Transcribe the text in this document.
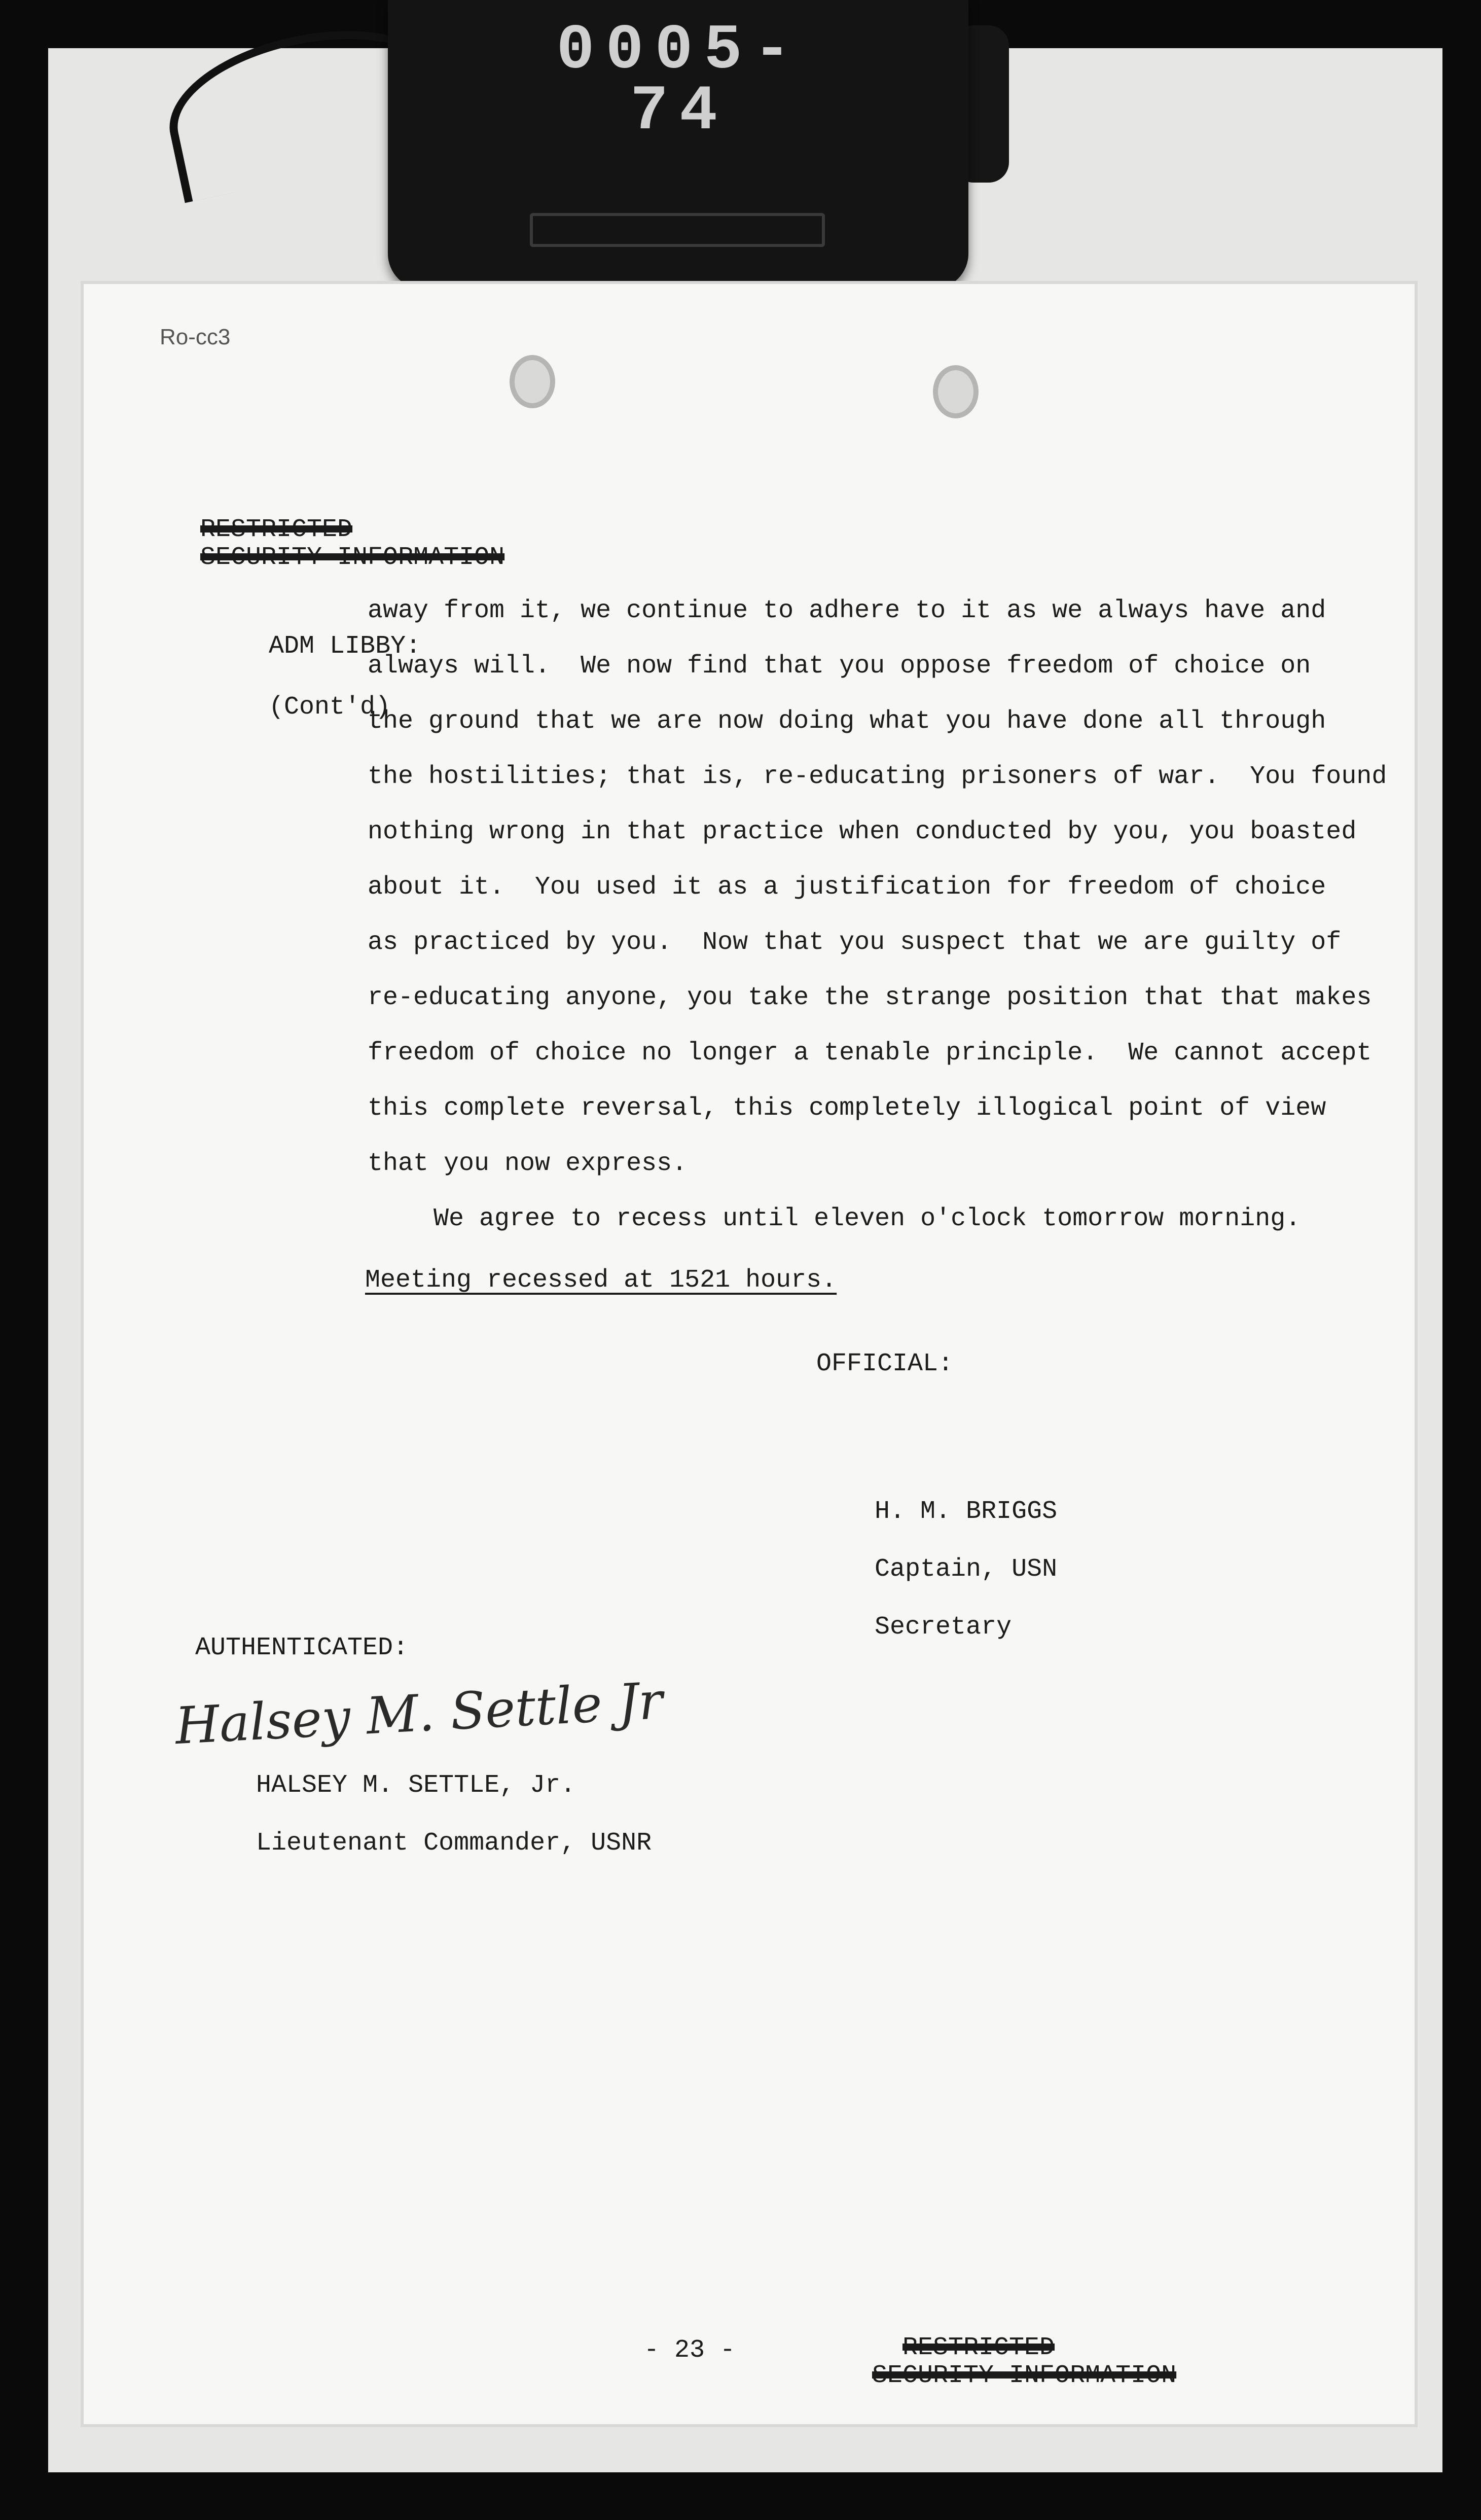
0005-74
Ro-cc3
RESTRICTED
SECURITY INFORMATION

ADM LIBBY:

(Cont'd)

away from it, we continue to adhere to it as we always have and
always will.  We now find that you oppose freedom of choice on
the ground that we are now doing what you have done all through
the hostilities; that is, re-educating prisoners of war.  You found
nothing wrong in that practice when conducted by you, you boasted
about it.  You used it as a justification for freedom of choice
as practiced by you.  Now that you suspect that we are guilty of
re-educating anyone, you take the strange position that that makes
freedom of choice no longer a tenable principle.  We cannot accept
this complete reversal, this completely illogical point of view
that you now express.
We agree to recess until eleven o'clock tomorrow morning.
Meeting recessed at 1521 hours.
OFFICIAL:

H. M. BRIGGS

Captain, USN

Secretary

AUTHENTICATED:
Halsey M. Settle Jr

HALSEY M. SETTLE, Jr.

Lieutenant Commander, USNR

- 23 -	RESTRICTED
SECURITY INFORMATION
